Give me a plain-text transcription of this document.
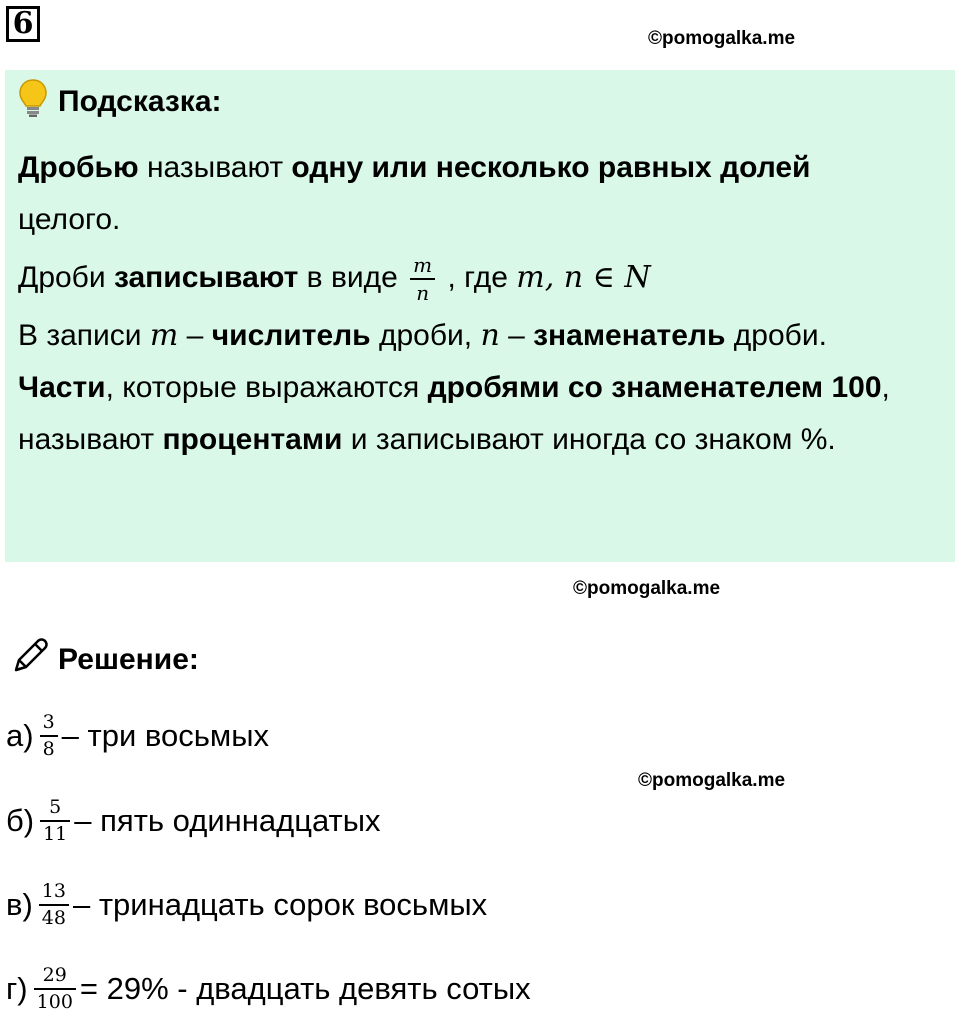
6	©pomogalka.me
Подсказка:
Дробью называют одну или несколько равных долей целого.
Дроби записывают в виде $\frac{m}{n}$ , где m, n ∈ N
В записи m – числитель дроби, n – знаменатель дроби.
Части, которые выражаются дробями со знаменателем 100, называют процентами и записывают иногда со знаком %.
©pomogalka.me
Решение:
$а) \frac{3}{8}$ – три восьмых
©pomogalka.me
$б) \frac{5}{11}$ – пять одиннадцатых
$в) \frac{13}{48}$ – тринадцать сорок восьмых
$г) \frac{29}{100} = 29\%$ - двадцать девять сотых
